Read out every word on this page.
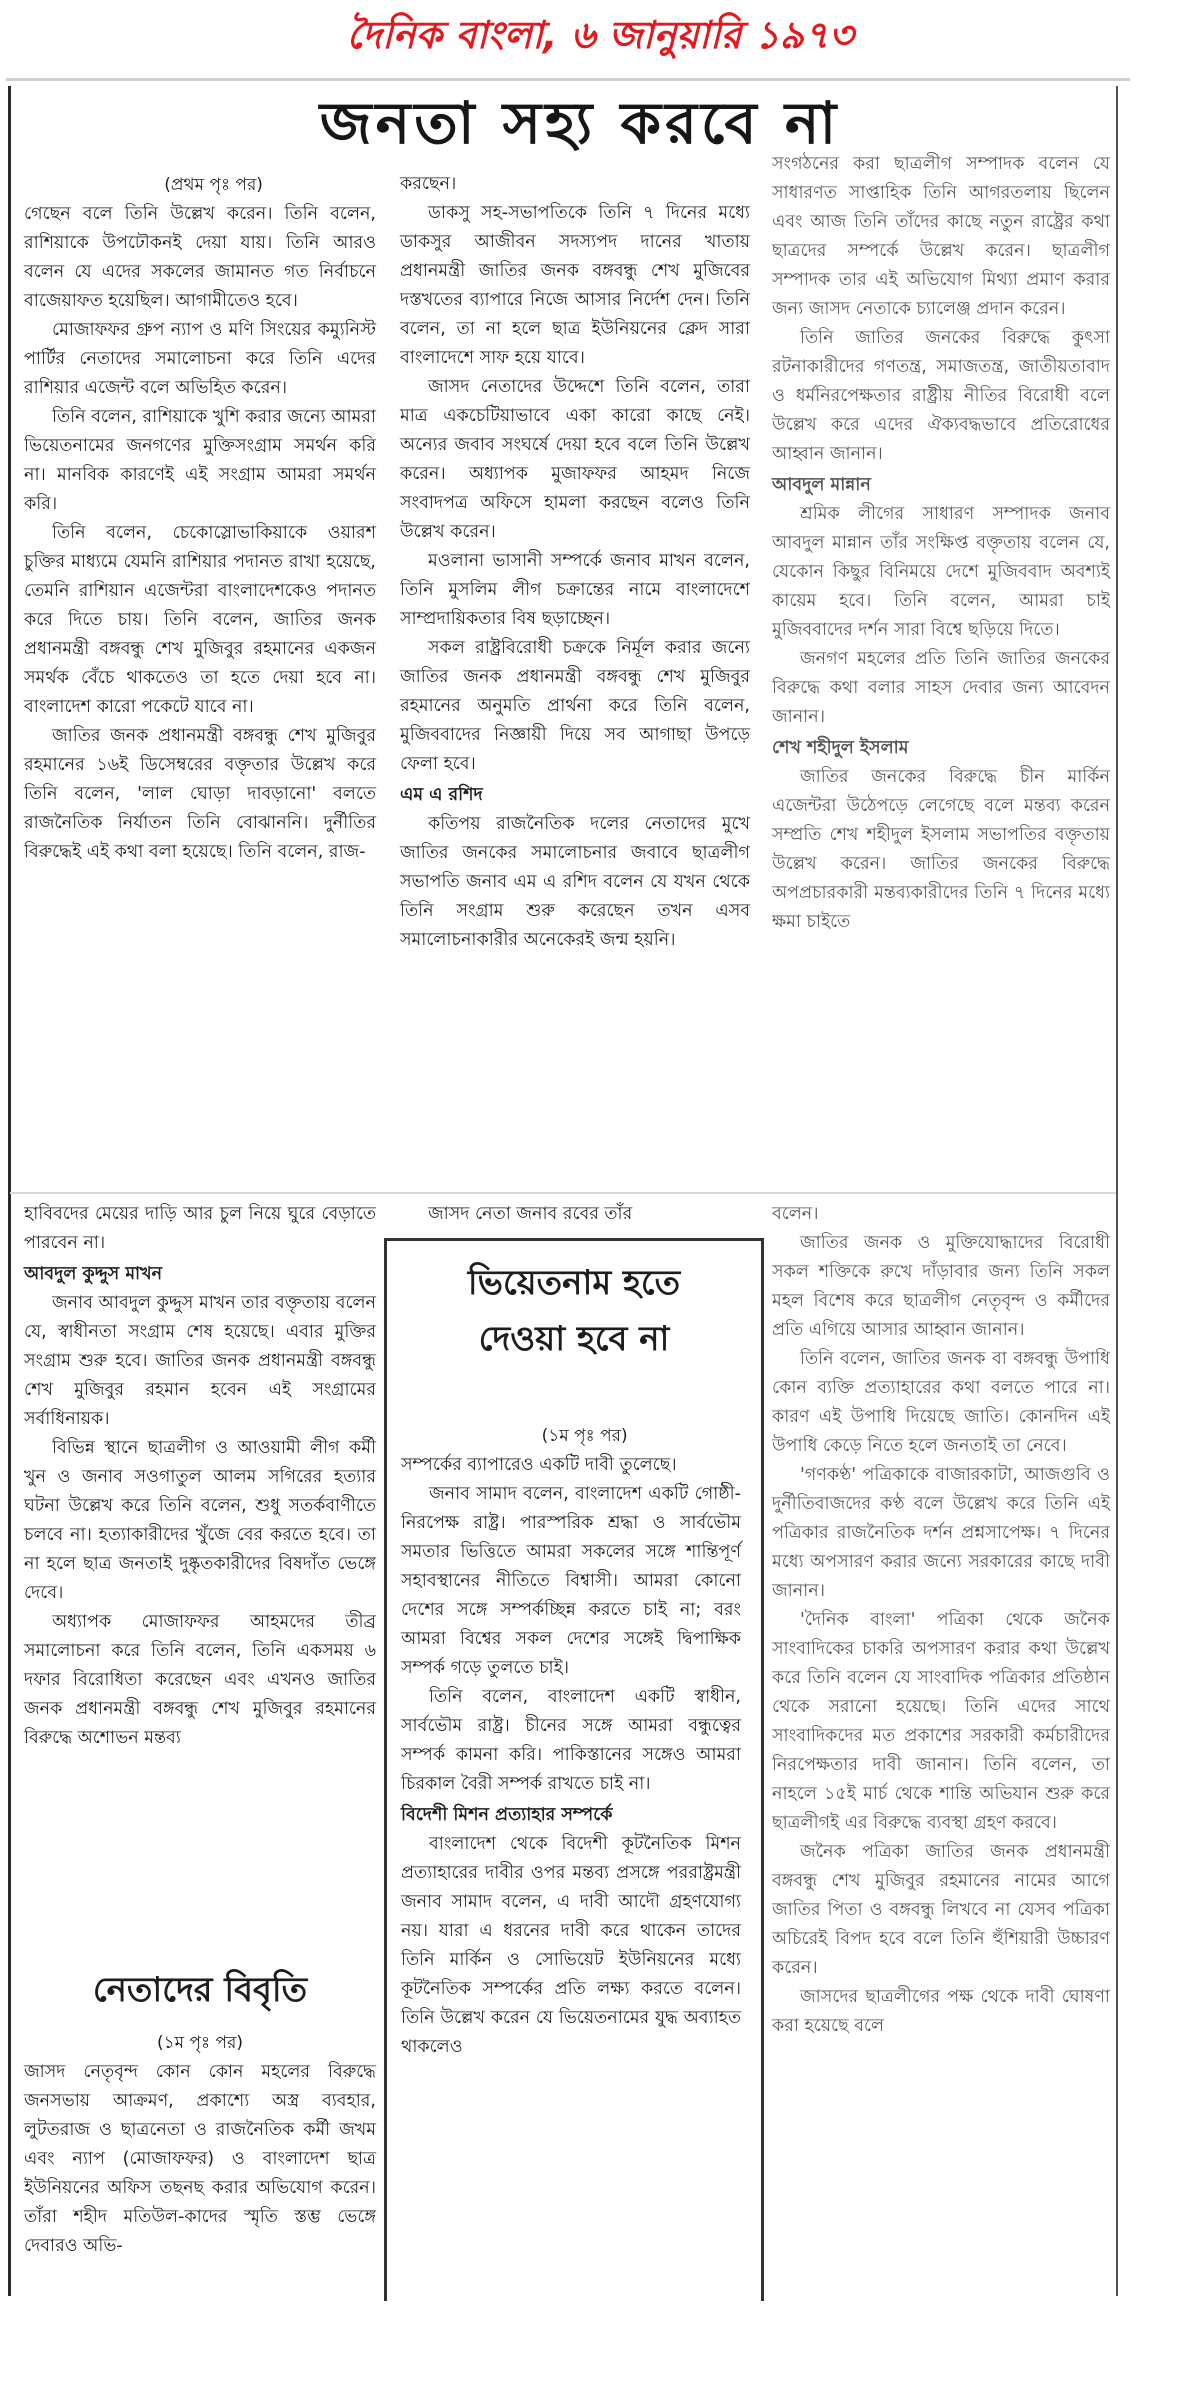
দৈনিক বাংলা, ৬ জানুয়ারি ১৯৭৩
জনতা সহ্য করবে না

(প্রথম পৃঃ পর)

গেছেন বলে তিনি উল্লেখ করেন। তিনি বলেন, রাশিয়াকে উপঢৌকনই দেয়া যায়। তিনি আরও বলেন যে এদের সকলের জামানত গত নির্বাচনে বাজেয়াফত হয়েছিল। আগামীতেও হবে।

মোজাফফর গ্রুপ ন্যাপ ও মণি সিংয়ের কম্যুনিস্ট পার্টির নেতাদের সমালোচনা করে তিনি এদের রাশিয়ার এজেন্ট বলে অভিহিত করেন।

তিনি বলেন, রাশিয়াকে খুশি করার জন্যে আমরা ভিয়েতনামের জনগণের মুক্তিসংগ্রাম সমর্থন করি না। মানবিক কারণেই এই সংগ্রাম আমরা সমর্থন করি।

তিনি বলেন, চেকোস্লোভাকিয়াকে ওয়ারশ চুক্তির মাধ্যমে যেমনি রাশিয়ার পদানত রাখা হয়েছে, তেমনি রাশিয়ান এজেন্টরা বাংলাদেশকেও পদানত করে দিতে চায়। তিনি বলেন, জাতির জনক প্রধানমন্ত্রী বঙ্গবন্ধু শেখ মুজিবুর রহমানের একজন সমর্থক বেঁচে থাকতেও তা হতে দেয়া হবে না। বাংলাদেশ কারো পকেটে যাবে না।

জাতির জনক প্রধানমন্ত্রী বঙ্গবন্ধু শেখ মুজিবুর রহমানের ১৬ই ডিসেম্বরের বক্তৃতার উল্লেখ করে তিনি বলেন, 'লাল ঘোড়া দাবড়ানো' বলতে রাজনৈতিক নির্যাতন তিনি বোঝাননি। দুর্নীতির বিরুদ্ধেই এই কথা বলা হয়েছে। তিনি বলেন, রাজ-

করছেন।

ডাকসু সহ-সভাপতিকে তিনি ৭ দিনের মধ্যে ডাকসুর আজীবন সদস্যপদ দানের খাতায় প্রধানমন্ত্রী জাতির জনক বঙ্গবন্ধু শেখ মুজিবের দস্তখতের ব্যাপারে নিজে আসার নির্দেশ দেন। তিনি বলেন, তা না হলে ছাত্র ইউনিয়নের ক্লেদ সারা বাংলাদেশে সাফ হয়ে যাবে।

জাসদ নেতাদের উদ্দেশে তিনি বলেন, তারা মাত্র একচেটিয়াভাবে একা কারো কাছে নেই। অন্যের জবাব সংঘর্ষে দেয়া হবে বলে তিনি উল্লেখ করেন। অধ্যাপক মুজাফফর আহমদ নিজে সংবাদপত্র অফিসে হামলা করছেন বলেও তিনি উল্লেখ করেন।

মওলানা ভাসানী সম্পর্কে জনাব মাখন বলেন, তিনি মুসলিম লীগ চক্রান্তের নামে বাংলাদেশে সাম্প্রদায়িকতার বিষ ছড়াচ্ছেন।

সকল রাষ্ট্রবিরোধী চক্রকে নির্মূল করার জন্যে জাতির জনক প্রধানমন্ত্রী বঙ্গবন্ধু শেখ মুজিবুর রহমানের অনুমতি প্রার্থনা করে তিনি বলেন, মুজিববাদের নিজ্ঞায়ী দিয়ে সব আগাছা উপড়ে ফেলা হবে।

এম এ রশিদ

কতিপয় রাজনৈতিক দলের নেতাদের মুখে জাতির জনকের সমালোচনার জবাবে ছাত্রলীগ সভাপতি জনাব এম এ রশিদ বলেন যে যখন থেকে তিনি সংগ্রাম শুরু করেছেন তখন এসব সমালোচনাকারীর অনেকেরই জন্ম হয়নি।

সংগঠনের করা ছাত্রলীগ সম্পাদক বলেন যে সাধারণত সাপ্তাহিক তিনি আগরতলায় ছিলেন এবং আজ তিনি তাঁদের কাছে নতুন রাষ্ট্রের কথা ছাত্রদের সম্পর্কে উল্লেখ করেন। ছাত্রলীগ সম্পাদক তার এই অভিযোগ মিথ্যা প্রমাণ করার জন্য জাসদ নেতাকে চ্যালেঞ্জ প্রদান করেন।

তিনি জাতির জনকের বিরুদ্ধে কুৎসা রটনাকারীদের গণতন্ত্র, সমাজতন্ত্র, জাতীয়তাবাদ ও ধর্মনিরপেক্ষতার রাষ্ট্রীয় নীতির বিরোধী বলে উল্লেখ করে এদের ঐক্যবদ্ধভাবে প্রতিরোধের আহ্বান জানান।

আবদুল মান্নান

শ্রমিক লীগের সাধারণ সম্পাদক জনাব আবদুল মান্নান তাঁর সংক্ষিপ্ত বক্তৃতায় বলেন যে, যেকোন কিছুর বিনিময়ে দেশে মুজিববাদ অবশ্যই কায়েম হবে। তিনি বলেন, আমরা চাই মুজিববাদের দর্শন সারা বিশ্বে ছড়িয়ে দিতে।

জনগণ মহলের প্রতি তিনি জাতির জনকের বিরুদ্ধে কথা বলার সাহস দেবার জন্য আবেদন জানান।

শেখ শহীদুল ইসলাম

জাতির জনকের বিরুদ্ধে চীন মার্কিন এজেন্টরা উঠেপড়ে লেগেছে বলে মন্তব্য করেন সম্প্রতি শেখ শহীদুল ইসলাম সভাপতির বক্তৃতায় উল্লেখ করেন। জাতির জনকের বিরুদ্ধে অপপ্রচারকারী মন্তব্যকারীদের তিনি ৭ দিনের মধ্যে ক্ষমা চাইতে

হাবিবদের মেয়ের দাড়ি আর চুল নিয়ে ঘুরে বেড়াতে পারবেন না।

আবদুল কুদ্দুস মাখন

জনাব আবদুল কুদ্দুস মাখন তার বক্তৃতায় বলেন যে, স্বাধীনতা সংগ্রাম শেষ হয়েছে। এবার মুক্তির সংগ্রাম শুরু হবে। জাতির জনক প্রধানমন্ত্রী বঙ্গবন্ধু শেখ মুজিবুর রহমান হবেন এই সংগ্রামের সর্বাধিনায়ক।

বিভিন্ন স্থানে ছাত্রলীগ ও আওয়ামী লীগ কর্মী খুন ও জনাব সওগাতুল আলম সগিরের হত্যার ঘটনা উল্লেখ করে তিনি বলেন, শুধু সতর্কবাণীতে চলবে না। হত্যাকারীদের খুঁজে বের করতে হবে। তা না হলে ছাত্র জনতাই দুষ্কৃতকারীদের বিষদাঁত ভেঙ্গে দেবে।

অধ্যাপক মোজাফফর আহমদের তীব্র সমালোচনা করে তিনি বলেন, তিনি একসময় ৬ দফার বিরোধিতা করেছেন এবং এখনও জাতির জনক প্রধানমন্ত্রী বঙ্গবন্ধু শেখ মুজিবুর রহমানের বিরুদ্ধে অশোভন মন্তব্য

জাসদ নেতা জনাব রবের তাঁর

ভিয়েতনাম হতে
দেওয়া হবে না

(১ম পৃঃ পর)

সম্পর্কের ব্যাপারেও একটি দাবী তুলেছে।

জনাব সামাদ বলেন, বাংলাদেশ একটি গোষ্ঠী-নিরপেক্ষ রাষ্ট্র। পারস্পরিক শ্রদ্ধা ও সার্বভৌম সমতার ভিত্তিতে আমরা সকলের সঙ্গে শান্তিপূর্ণ সহাবস্থানের নীতিতে বিশ্বাসী। আমরা কোনো দেশের সঙ্গে সম্পর্কচ্ছিন্ন করতে চাই না; বরং আমরা বিশ্বের সকল দেশের সঙ্গেই দ্বিপাক্ষিক সম্পর্ক গড়ে তুলতে চাই।

তিনি বলেন, বাংলাদেশ একটি স্বাধীন, সার্বভৌম রাষ্ট্র। চীনের সঙ্গে আমরা বন্ধুত্বের সম্পর্ক কামনা করি। পাকিস্তানের সঙ্গেও আমরা চিরকাল বৈরী সম্পর্ক রাখতে চাই না।

বিদেশী মিশন প্রত্যাহার সম্পর্কে

বাংলাদেশ থেকে বিদেশী কূটনৈতিক মিশন প্রত্যাহারের দাবীর ওপর মন্তব্য প্রসঙ্গে পররাষ্ট্রমন্ত্রী জনাব সামাদ বলেন, এ দাবী আদৌ গ্রহণযোগ্য নয়। যারা এ ধরনের দাবী করে থাকেন তাদের তিনি মার্কিন ও সোভিয়েট ইউনিয়নের মধ্যে কূটনৈতিক সম্পর্কের প্রতি লক্ষ্য করতে বলেন। তিনি উল্লেখ করেন যে ভিয়েতনামের যুদ্ধ অব্যাহত থাকলেও

বলেন।

জাতির জনক ও মুক্তিযোদ্ধাদের বিরোধী সকল শক্তিকে রুখে দাঁড়াবার জন্য তিনি সকল মহল বিশেষ করে ছাত্রলীগ নেতৃবৃন্দ ও কর্মীদের প্রতি এগিয়ে আসার আহ্বান জানান।

তিনি বলেন, জাতির জনক বা বঙ্গবন্ধু উপাধি কোন ব্যক্তি প্রত্যাহারের কথা বলতে পারে না। কারণ এই উপাধি দিয়েছে জাতি। কোনদিন এই উপাধি কেড়ে নিতে হলে জনতাই তা নেবে।

'গণকণ্ঠ' পত্রিকাকে বাজারকাটা, আজগুবি ও দুর্নীতিবাজদের কণ্ঠ বলে উল্লেখ করে তিনি এই পত্রিকার রাজনৈতিক দর্শন প্রশ্নসাপেক্ষ। ৭ দিনের মধ্যে অপসারণ করার জন্যে সরকারের কাছে দাবী জানান।

'দৈনিক বাংলা' পত্রিকা থেকে জনৈক সাংবাদিকের চাকরি অপসারণ করার কথা উল্লেখ করে তিনি বলেন যে সাংবাদিক পত্রিকার প্রতিষ্ঠান থেকে সরানো হয়েছে। তিনি এদের সাথে সাংবাদিকদের মত প্রকাশের সরকারী কর্মচারীদের নিরপেক্ষতার দাবী জানান। তিনি বলেন, তা নাহলে ১৫ই মার্চ থেকে শান্তি অভিযান শুরু করে ছাত্রলীগই এর বিরুদ্ধে ব্যবস্থা গ্রহণ করবে।

জনৈক পত্রিকা জাতির জনক প্রধানমন্ত্রী বঙ্গবন্ধু শেখ মুজিবুর রহমানের নামের আগে জাতির পিতা ও বঙ্গবন্ধু লিখবে না যেসব পত্রিকা অচিরেই বিপদ হবে বলে তিনি হুঁশিয়ারী উচ্চারণ করেন।

জাসদের ছাত্রলীগের পক্ষ থেকে দাবী ঘোষণা করা হয়েছে বলে

নেতাদের বিবৃতি

(১ম পৃঃ পর)

জাসদ নেতৃবৃন্দ কোন কোন মহলের বিরুদ্ধে জনসভায় আক্রমণ, প্রকাশ্যে অস্ত্র ব্যবহার, লুটতরাজ ও ছাত্রনেতা ও রাজনৈতিক কর্মী জখম এবং ন্যাপ (মোজাফফর) ও বাংলাদেশ ছাত্র ইউনিয়নের অফিস তছনছ করার অভিযোগ করেন। তাঁরা শহীদ মতিউল-কাদের স্মৃতি স্তম্ভ ভেঙ্গে দেবারও অভি-
